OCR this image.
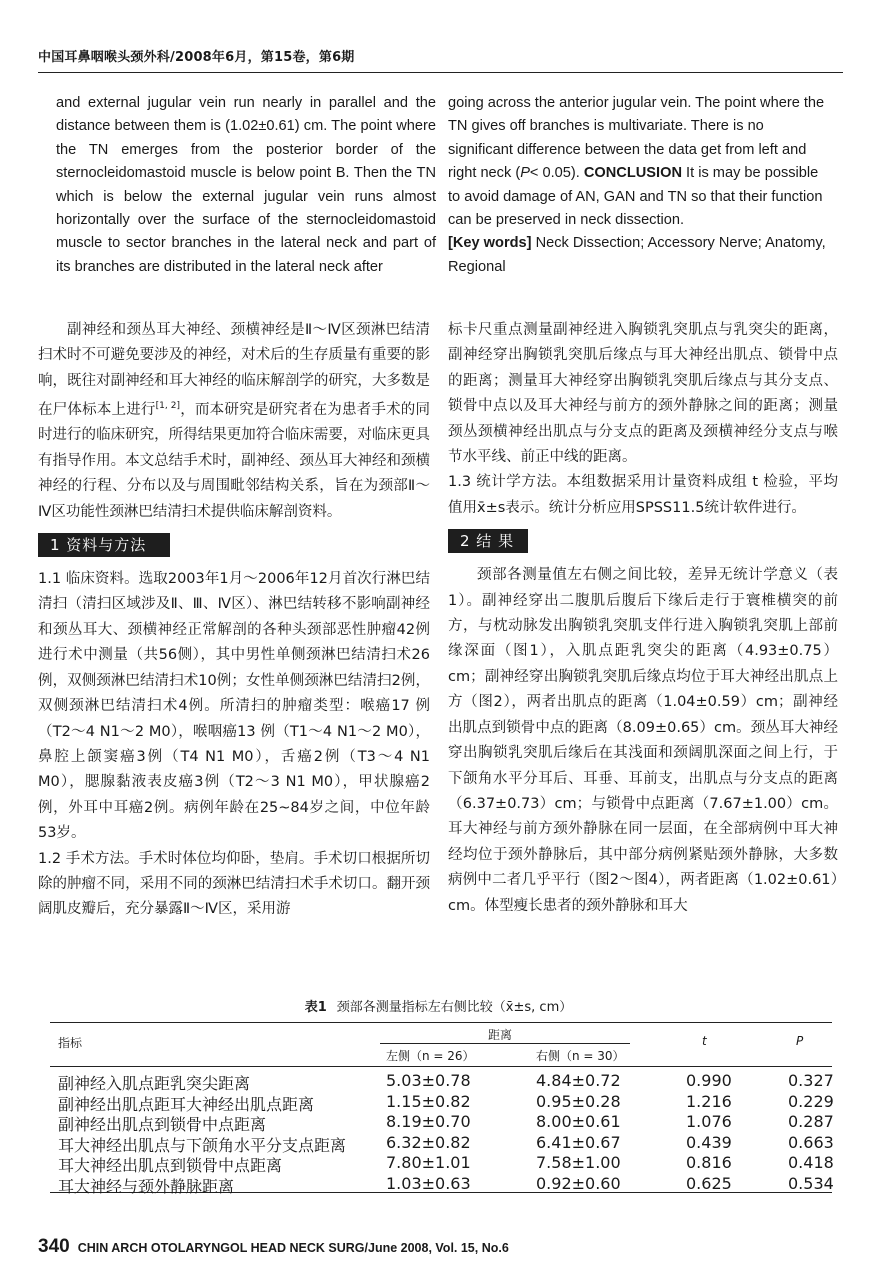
中国耳鼻咽喉头颈外科/2008年6月，第15卷，第6期
and external jugular vein run nearly in parallel and the distance between them is (1.02±0.61) cm. The point where the TN emerges from the posterior border of the sternocleidomastoid muscle is below point B. Then the TN which is below the external jugular vein runs almost horizontally over the surface of the sternocleidomastoid muscle to sector branches in the lateral neck and part of its branches are distributed in the lateral neck after

going across the anterior jugular vein. The point where the TN gives off branches is multivariate. There is no significant difference between the data get from left and right neck (P< 0.05). CONCLUSION It is may be possible to avoid damage of AN, GAN and TN so that their function can be preserved in neck dissection.

[Key words] Neck Dissection; Accessory Nerve; Anatomy, Regional

副神经和颈丛耳大神经、颈横神经是Ⅱ～Ⅳ区颈淋巴结清扫术时不可避免要涉及的神经，对术后的生存质量有重要的影响，既往对副神经和耳大神经的临床解剖学的研究，大多数是在尸体标本上进行[1, 2]，而本研究是研究者在为患者手术的同时进行的临床研究，所得结果更加符合临床需要，对临床更具有指导作用。本文总结手术时，副神经、颈丛耳大神经和颈横神经的行程、分布以及与周围毗邻结构关系，旨在为颈部Ⅱ～Ⅳ区功能性颈淋巴结清扫术提供临床解剖资料。

1 资料与方法

1.1 临床资料。选取2003年1月～2006年12月首次行淋巴结清扫（清扫区域涉及Ⅱ、Ⅲ、Ⅳ区）、淋巴结转移不影响副神经和颈丛耳大、颈横神经正常解剖的各种头颈部恶性肿瘤42例进行术中测量（共56侧），其中男性单侧颈淋巴结清扫术26例，双侧颈淋巴结清扫术10例；女性单侧颈淋巴结清扫2例，双侧颈淋巴结清扫术4例。所清扫的肿瘤类型：喉癌17 例（T2～4 N1～2 M0），喉咽癌13 例（T1～4 N1～2 M0），鼻腔上颌窦癌3例（T4 N1 M0），舌癌2例（T3～4 N1 M0），腮腺黏液表皮癌3例（T2～3 N1 M0），甲状腺癌2例，外耳中耳癌2例。病例年龄在25~84岁之间，中位年龄53岁。

1.2 手术方法。手术时体位均仰卧，垫肩。手术切口根据所切除的肿瘤不同，采用不同的颈淋巴结清扫术手术切口。翻开颈阔肌皮瓣后，充分暴露Ⅱ～Ⅳ区，采用游

标卡尺重点测量副神经进入胸锁乳突肌点与乳突尖的距离，副神经穿出胸锁乳突肌后缘点与耳大神经出肌点、锁骨中点的距离；测量耳大神经穿出胸锁乳突肌后缘点与其分支点、锁骨中点以及耳大神经与前方的颈外静脉之间的距离；测量颈丛颈横神经出肌点与分支点的距离及颈横神经分支点与喉节水平线、前正中线的距离。

1.3 统计学方法。本组数据采用计量资料成组 t 检验，平均值用x̄±s表示。统计分析应用SPSS11.5统计软件进行。

2 结 果

颈部各测量值左右侧之间比较，差异无统计学意义（表1）。副神经穿出二腹肌后腹后下缘后走行于寰椎横突的前方，与枕动脉发出胸锁乳突肌支伴行进入胸锁乳突肌上部前缘深面（图1），入肌点距乳突尖的距离（4.93±0.75）cm；副神经穿出胸锁乳突肌后缘点均位于耳大神经出肌点上方（图2），两者出肌点的距离（1.04±0.59）cm；副神经出肌点到锁骨中点的距离（8.09±0.65）cm。颈丛耳大神经穿出胸锁乳突肌后缘后在其浅面和颈阔肌深面之间上行，于下颌角水平分耳后、耳垂、耳前支，出肌点与分支点的距离（6.37±0.73）cm；与锁骨中点距离（7.67±1.00）cm。耳大神经与前方颈外静脉在同一层面，在全部病例中耳大神经均位于颈外静脉后，其中部分病例紧贴颈外静脉，大多数病例中二者几乎平行（图2～图4），两者距离（1.02±0.61）cm。体型瘦长患者的颈外静脉和耳大

表1 颈部各测量指标左右侧比较（x̄±s, cm）
指标
距离
左侧（n = 26）	右侧（n = 30）
t	P
副神经入肌点距乳突尖距离	5.03±0.78	4.84±0.72	0.990	0.327
副神经出肌点距耳大神经出肌点距离	1.15±0.82	0.95±0.28	1.216	0.229
副神经出肌点到锁骨中点距离	8.19±0.70	8.00±0.61	1.076	0.287
耳大神经出肌点与下颌角水平分支点距离 6.32±0.82	6.41±0.67	0.439	0.663
耳大神经出肌点到锁骨中点距离	7.80±1.01	7.58±1.00	0.816	0.418
耳大神经与颈外静脉距离	1.03±0.63	0.92±0.60	0.625	0.534
340 CHIN ARCH OTOLARYNGOL HEAD NECK SURG/June 2008, Vol. 15, No.6
